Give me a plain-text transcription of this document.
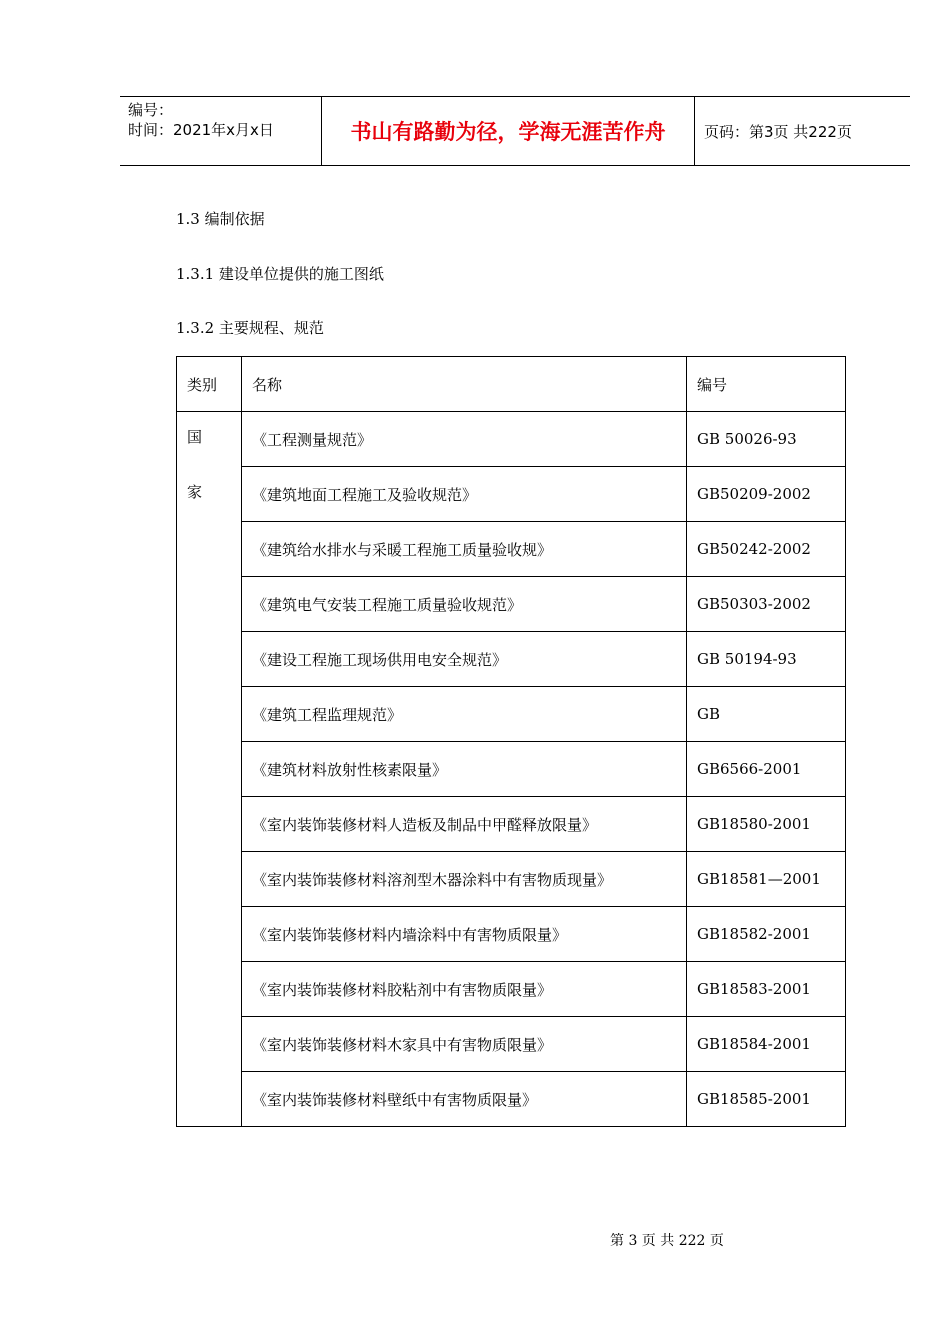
编号：
时间：2021年x月x日	书山有路勤为径，学海无涯苦作舟	页码：第3页 共222页
1.3 编制依据
1.3.1 建设单位提供的施工图纸
1.3.2 主要规程、规范
类别	名称	编号

国
家	《工程测量规范》	GB 50026-93
	《建筑地面工程施工及验收规范》	GB50209-2002
	《建筑给水排水与采暖工程施工质量验收规》	GB50242-2002
	《建筑电气安装工程施工质量验收规范》	GB50303-2002
	《建设工程施工现场供用电安全规范》	GB 50194-93
	《建筑工程监理规范》	GB
	《建筑材料放射性核素限量》	GB6566-2001
	《室内装饰装修材料人造板及制品中甲醛释放限量》	GB18580-2001
	《室内装饰装修材料溶剂型木器涂料中有害物质现量》	GB18581—2001
	《室内装饰装修材料内墙涂料中有害物质限量》	GB18582-2001
	《室内装饰装修材料胶粘剂中有害物质限量》	GB18583-2001
	《室内装饰装修材料木家具中有害物质限量》	GB18584-2001
	《室内装饰装修材料壁纸中有害物质限量》	GB18585-2001
第 3 页 共 222 页
